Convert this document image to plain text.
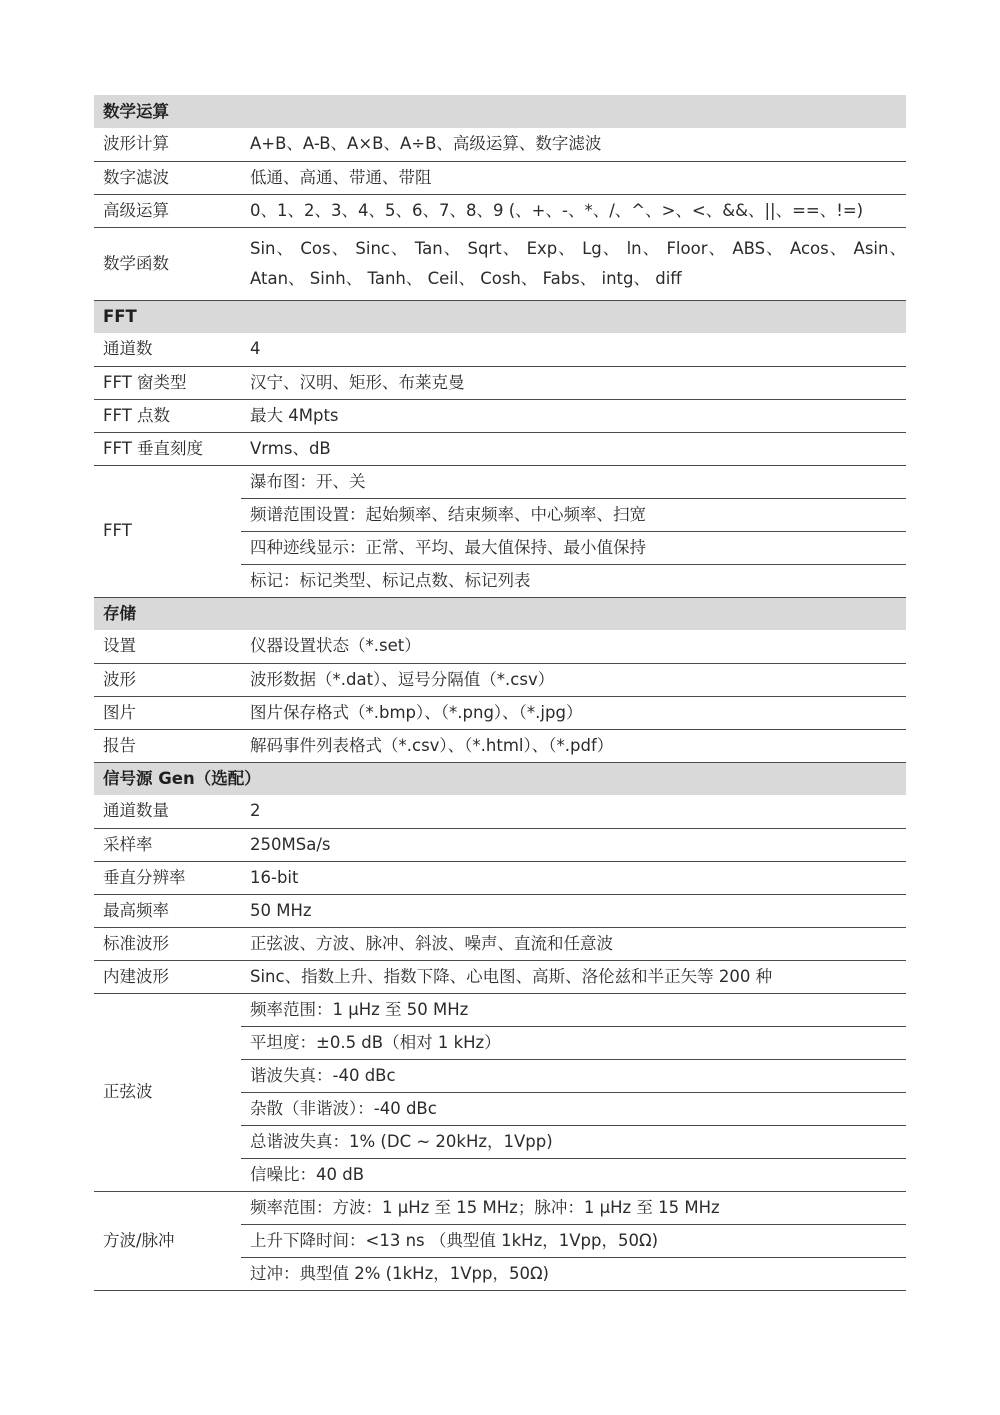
数学运算	
波形计算	A+B、A-B、A×B、A÷B、高级运算、数字滤波
数字滤波	低通、高通、带通、带阻
高级运算	0、1、2、3、4、5、6、7、8、9 (、+、-、*、/、^、>、<、&&、||、==、!=)
数学函数	Sin、 Cos、 Sinc、 Tan、 Sqrt、 Exp、 Lg、 ln、 Floor、 ABS、 Acos、 Asin、 Atan、 Sinh、 Tanh、 Ceil、 Cosh、 Fabs、 intg、 diff
FFT	
通道数	4
FFT 窗类型	汉宁、汉明、矩形、布莱克曼
FFT 点数	最大 4Mpts
FFT 垂直刻度	Vrms、dB
FFT	瀑布图：开、关
	频谱范围设置：起始频率、结束频率、中心频率、扫宽
	四种迹线显示：正常、平均、最大值保持、最小值保持
	标记：标记类型、标记点数、标记列表
存储	
设置	仪器设置状态（*.set）
波形	波形数据（*.dat）、逗号分隔值（*.csv）
图片	图片保存格式（*.bmp）、（*.png）、（*.jpg）
报告	解码事件列表格式（*.csv）、（*.html）、（*.pdf）
信号源 Gen（选配）	
通道数量	2
采样率	250MSa/s
垂直分辨率	16-bit
最高频率	50 MHz
标准波形	正弦波、方波、脉冲、斜波、噪声、直流和任意波
内建波形	Sinc、指数上升、指数下降、心电图、高斯、洛伦兹和半正矢等 200 种
正弦波	频率范围：1 μHz 至 50 MHz
	平坦度：±0.5 dB（相对 1 kHz）
	谐波失真：-40 dBc
	杂散（非谐波）：-40 dBc
	总谐波失真：1% (DC ~ 20kHz，1Vpp)
	信噪比：40 dB
方波/脉冲	频率范围：方波：1 μHz 至 15 MHz；脉冲：1 μHz 至 15 MHz
	上升下降时间：<13 ns （典型值 1kHz，1Vpp，50Ω)
	过冲：典型值 2% (1kHz，1Vpp，50Ω)
